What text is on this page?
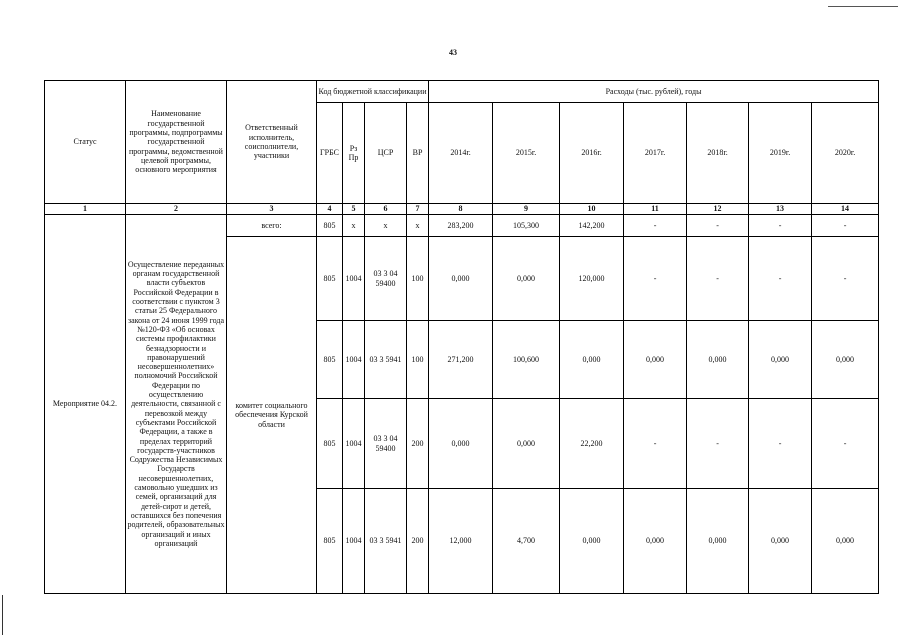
43
Статус	Наименование государственной программы, подпрограммы государственной программы, ведомственной целевой программы, основного мероприятия	Ответственный исполнитель, соисполнители, участники	Код бюджетной классификации				Расходы (тыс. рублей), годы						
			ГРБС	Рз Пр	ЦСР	ВР	2014г.	2015г.	2016г.	2017г.	2018г.	2019г.	2020г.
1	2	3	4	5	6	7	8	9	10	11	12	13	14
Мероприятие 04.2.	Осуществление переданных органам государственной власти субъектов Российской Федерации в соответствии с пунктом 3 статьи 25 Федерального закона от 24 июня 1999 года №120-ФЗ «Об основах системы профилактики безнадзорности и правонарушений несовершеннолетних» полномочий Российской Федерации по осуществлению деятельности, связанной с перевозкой между субъектами Российской Федерации, а также в пределах территорий государств-участников Содружества Независимых Государств несовершеннолетних, самовольно ушедших из семей, организаций для детей-сирот и детей, оставшихся без попечения родителей, образовательных организаций и иных организаций	всего:	805	x	x	x	283,200	105,300	142,200	-	-	-	-
		комитет социального обеспечения Курской области	805	1004	03 3 04 59400	100	0,000	0,000	120,000	-	-	-	-
			805	1004	03 3 5941	100	271,200	100,600	0,000	0,000	0,000	0,000	0,000
			805	1004	03 3 04 59400	200	0,000	0,000	22,200	-	-	-	-
			805	1004	03 3 5941	200	12,000	4,700	0,000	0,000	0,000	0,000	0,000
